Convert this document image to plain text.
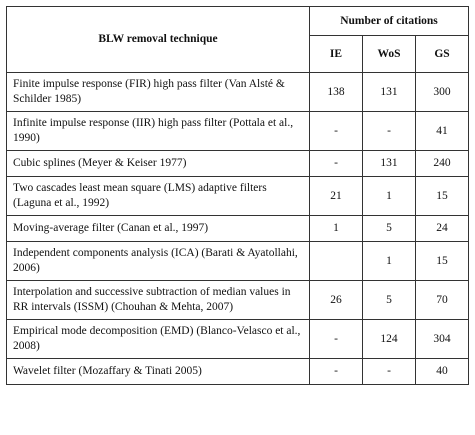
BLW removal technique	Number of citations		
	IE	WoS	GS
Finite impulse response (FIR) high pass filter (Van Alsté & Schilder 1985)	138	131	300
Infinite impulse response (IIR) high pass filter (Pottala et al., 1990)	-	-	41
Cubic splines (Meyer & Keiser 1977)	-	131	240
Two cascades least mean square (LMS) adaptive filters (Laguna et al., 1992)	21	1	15
Moving-average filter (Canan et al., 1997)	1	5	24
Independent components analysis (ICA) (Barati & Ayatollahi, 2006)		1	15
Interpolation and successive subtraction of median values in RR intervals (ISSM) (Chouhan & Mehta, 2007)	26	5	70
Empirical mode decomposition (EMD) (Blanco-Velasco et al., 2008)	-	124	304
Wavelet filter (Mozaffary & Tinati 2005)	-	-	40
